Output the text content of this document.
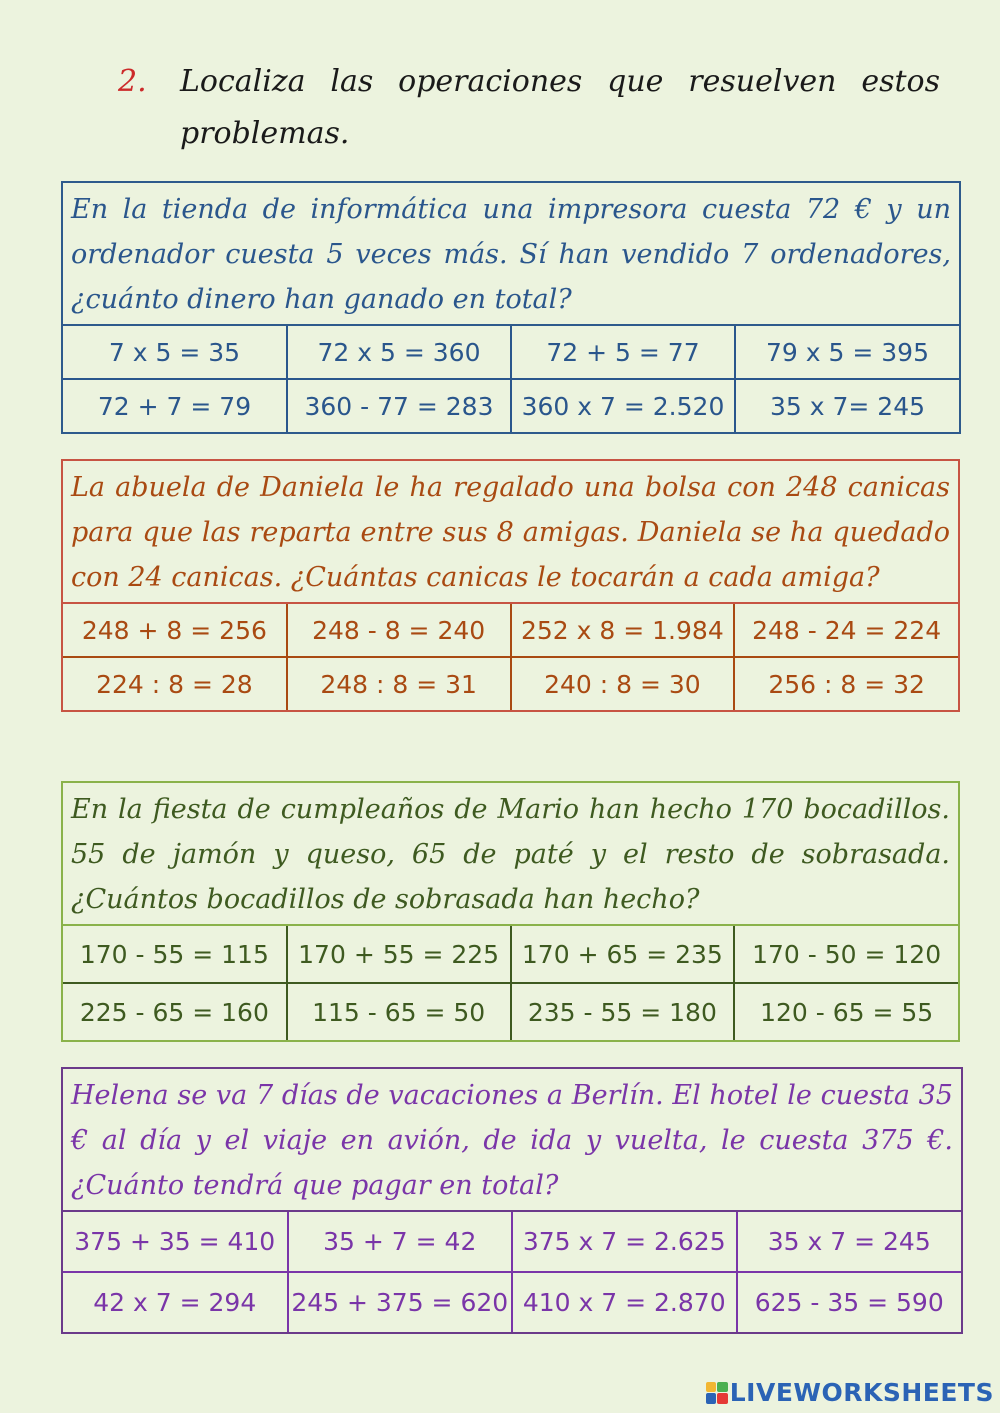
2. Localiza las operaciones que resuelven estos problemas.
En la tienda de informática una impresora cuesta 72 € y un ordenador cuesta 5 veces más. Sí han vendido 7 ordenadores, ¿cuánto dinero han ganado en total?
7 x 5 = 35	72 x 5 = 360	72 + 5 = 77	79 x 5 = 395
72 + 7 = 79	360 - 77 = 283	360 x 7 = 2.520	35 x 7= 245
La abuela de Daniela le ha regalado una bolsa con 248 canicas para que las reparta entre sus 8 amigas. Daniela se ha quedado con 24 canicas. ¿Cuántas canicas le tocarán a cada amiga?
248 + 8 = 256	248 - 8 = 240	252 x 8 = 1.984	248 - 24 = 224
224 : 8 = 28	248 : 8 = 31	240 : 8 = 30	256 : 8 = 32
En la fiesta de cumpleaños de Mario han hecho 170 bocadillos. 55 de jamón y queso, 65 de paté y el resto de sobrasada. ¿Cuántos bocadillos de sobrasada han hecho?
170 - 55 = 115	170 + 55 = 225	170 + 65 = 235	170 - 50 = 120
225 - 65 = 160	115 - 65 = 50	235 - 55 = 180	120 - 65 = 55
Helena se va 7 días de vacaciones a Berlín. El hotel le cuesta 35 € al día y el viaje en avión, de ida y vuelta, le cuesta 375 €. ¿Cuánto tendrá que pagar en total?
375 + 35 = 410	35 + 7 = 42	375 x 7 = 2.625	35 x 7 = 245
42 x 7 = 294	245 + 375 = 620	410 x 7 = 2.870	625 - 35 = 590
LIVEWORKSHEETS
